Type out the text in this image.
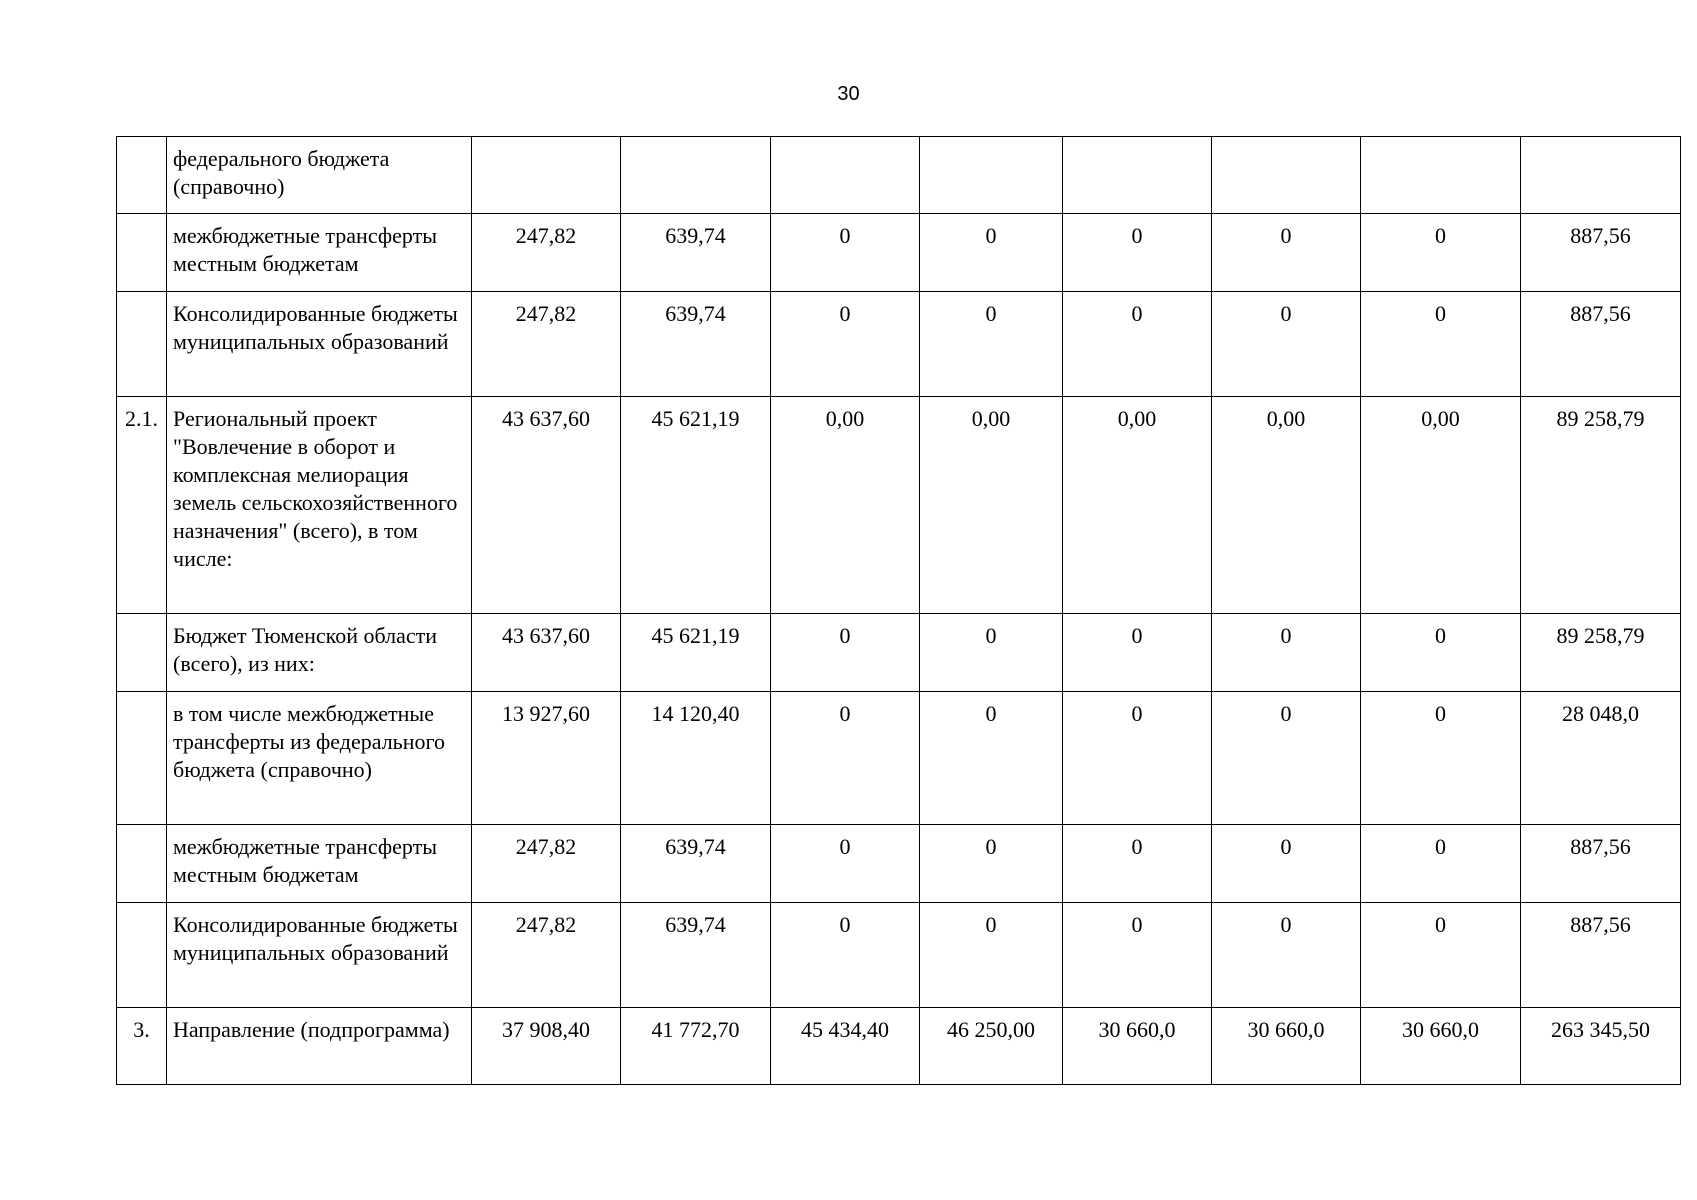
30
	федерального бюджета (справочно)								
	межбюджетные трансферты местным бюджетам	247,82	639,74	0	0	0	0	0	887,56
	Консолидированные бюджеты муниципальных образований	247,82	639,74	0	0	0	0	0	887,56
2.1.	Региональный проект "Вовлечение в оборот и комплексная мелиорация земель сельскохозяйственного назначения" (всего), в том числе:	43 637,60	45 621,19	0,00	0,00	0,00	0,00	0,00	89 258,79
	Бюджет Тюменской области (всего), из них:	43 637,60	45 621,19	0	0	0	0	0	89 258,79
	в том числе межбюджетные трансферты из федерального бюджета (справочно)	13 927,60	14 120,40	0	0	0	0	0	28 048,0
	межбюджетные трансферты местным бюджетам	247,82	639,74	0	0	0	0	0	887,56
	Консолидированные бюджеты муниципальных образований	247,82	639,74	0	0	0	0	0	887,56
3.	Направление (подпрограмма)	37 908,40	41 772,70	45 434,40	46 250,00	30 660,0	30 660,0	30 660,0	263 345,50
